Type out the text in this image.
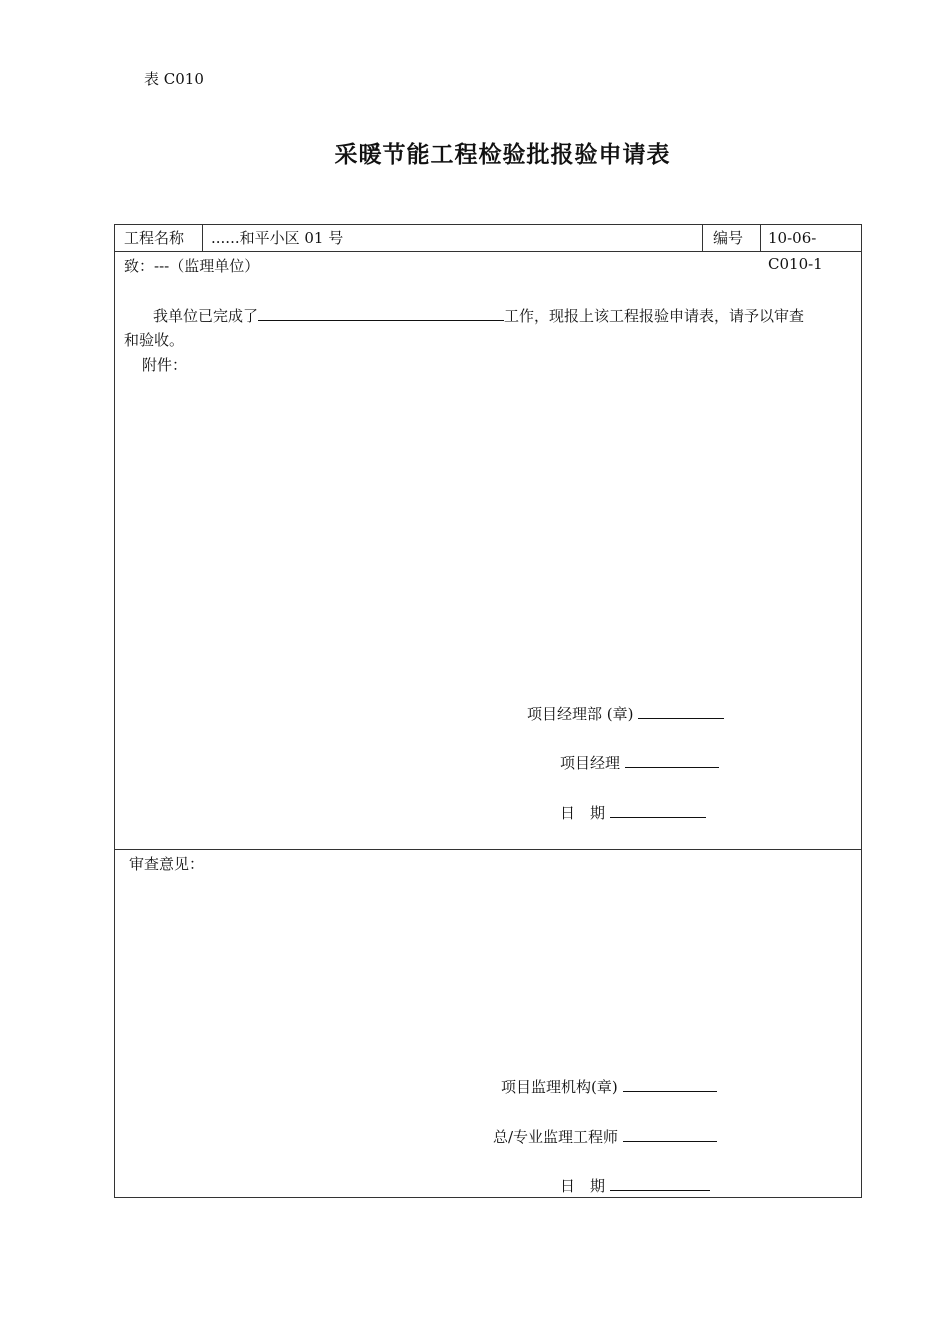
表 C010
采暖节能工程检验批报验申请表
工程名称	......和平小区 01 号	编号	10-06-C010-1
致：---（监理单位）
我单位已完成了	工作，现报上该工程报验申请表，请予以审查
和验收。
附件：
项目经理部 (章)
项目经理
日　期
审查意见：
项目监理机构(章)
总/专业监理工程师
日　期
